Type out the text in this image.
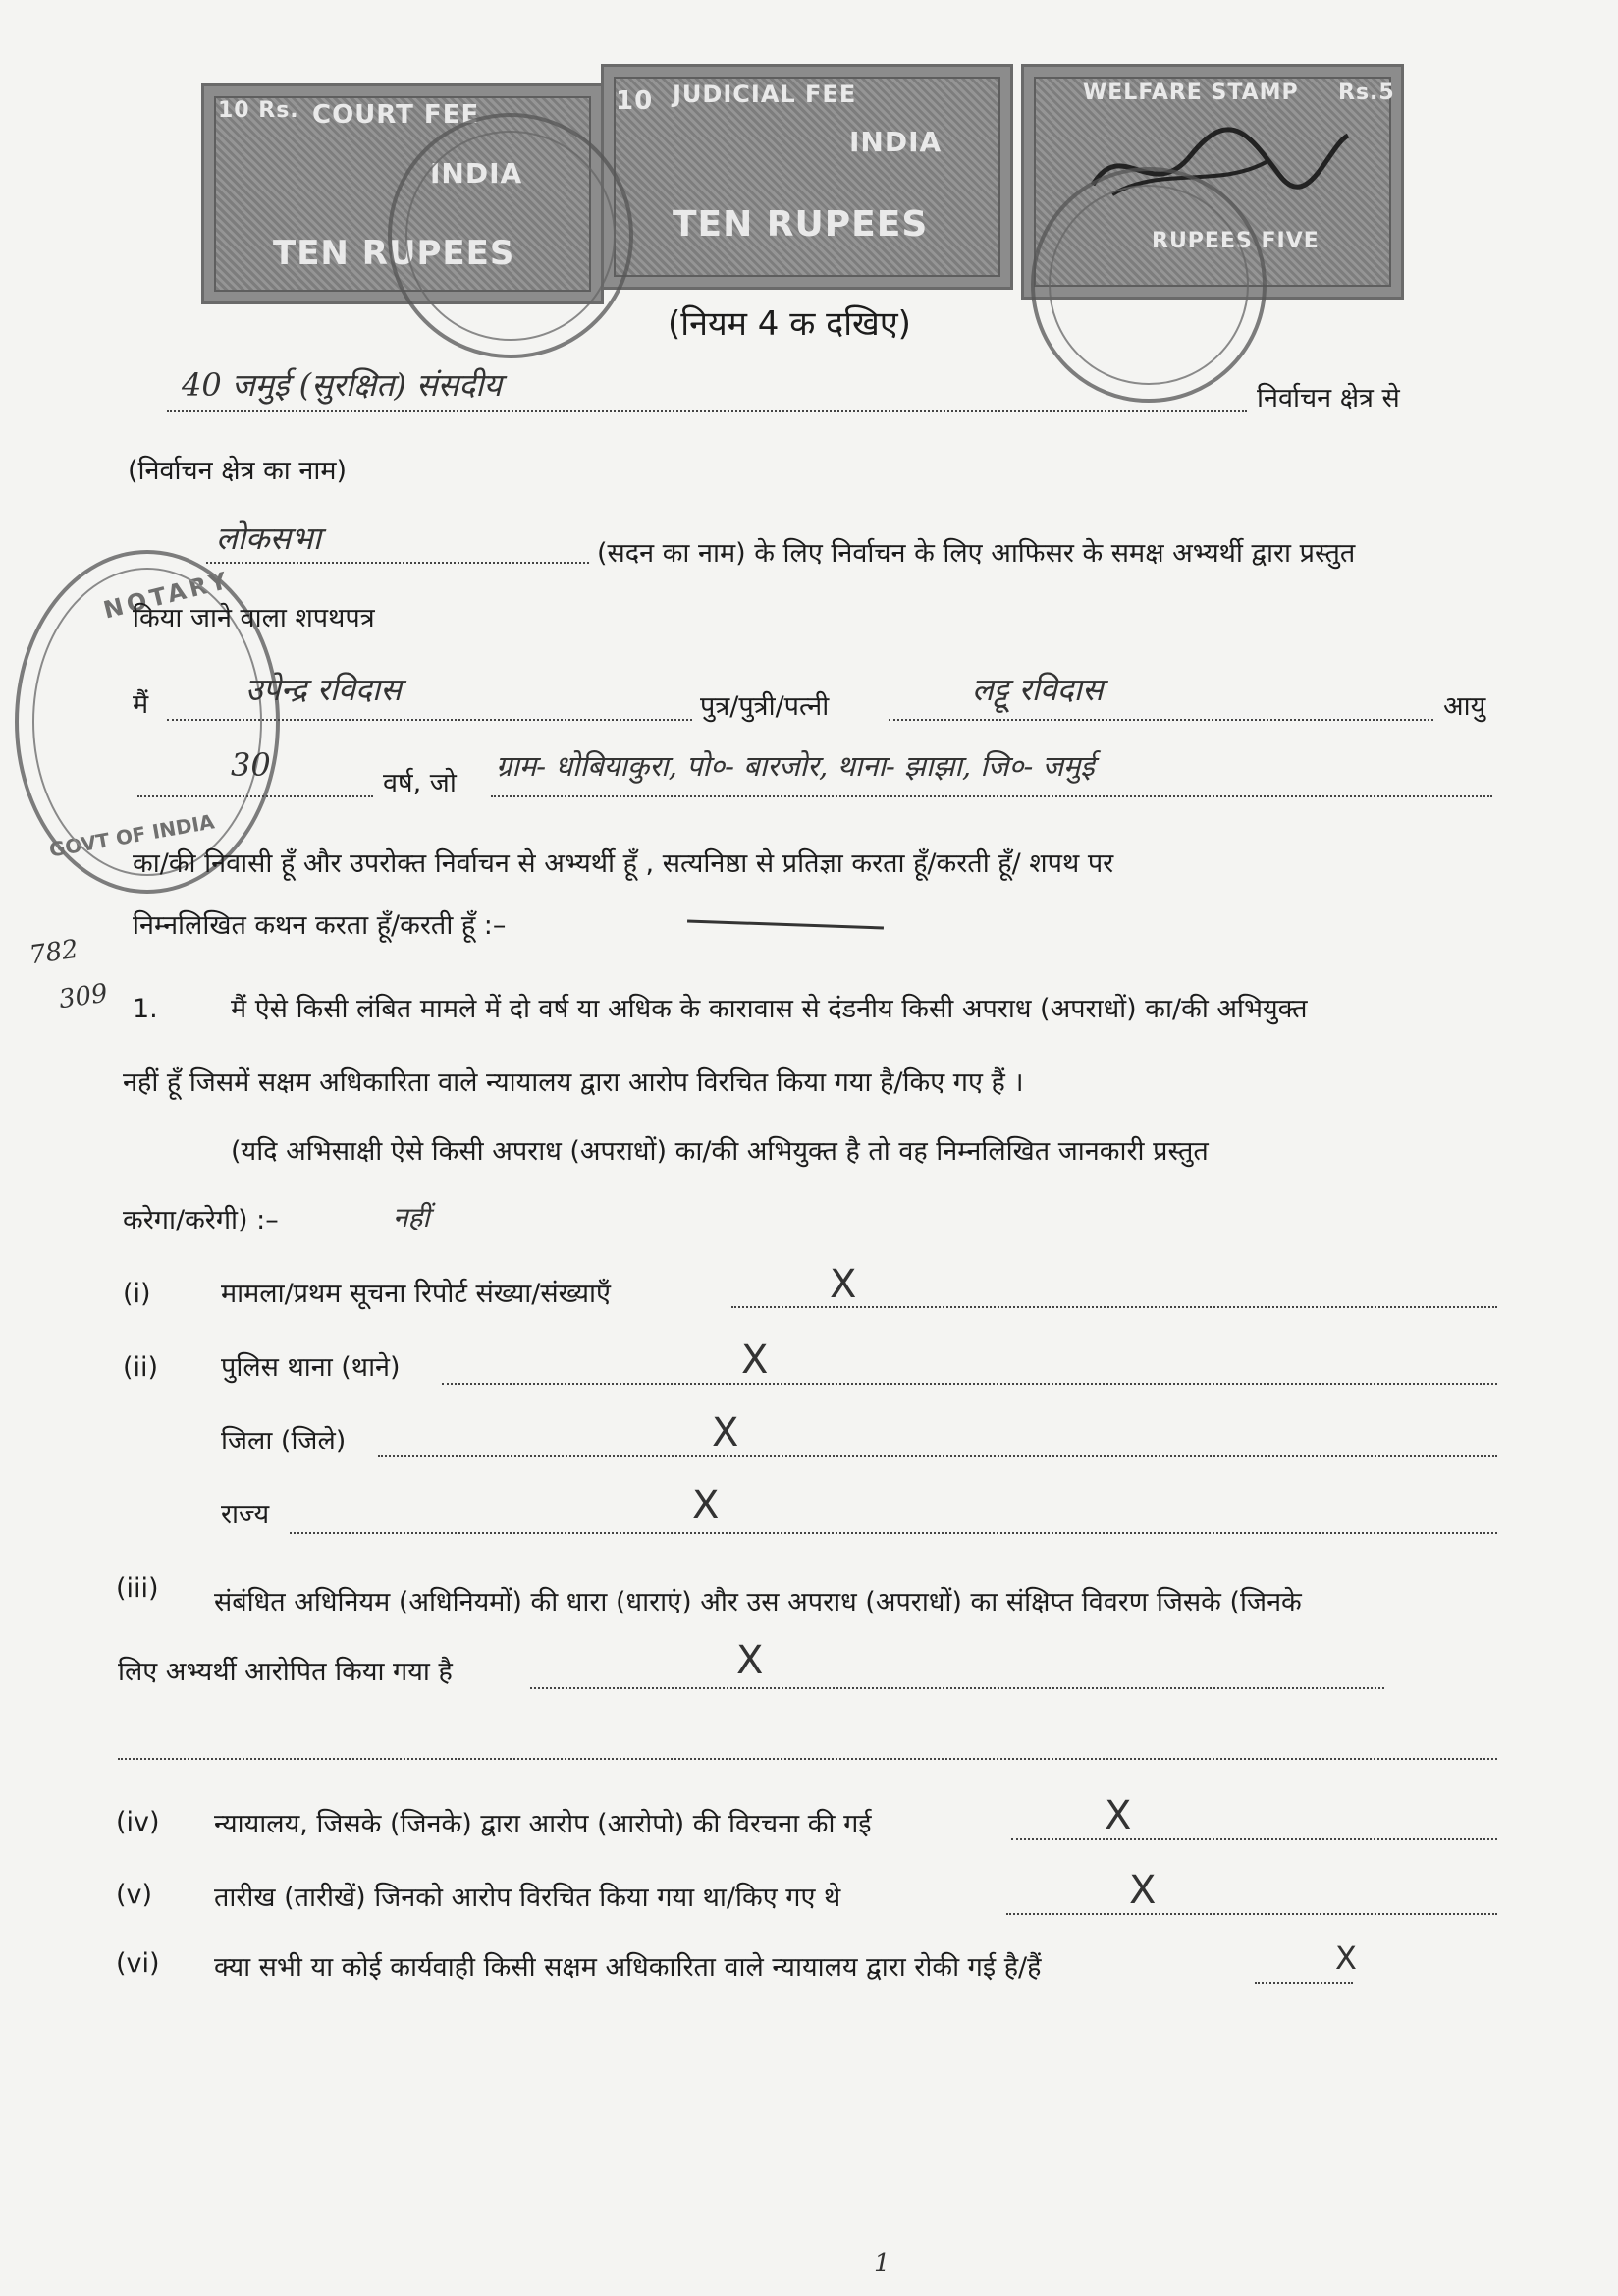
10 Rs. COURT FEE
INDIA
TEN RUPEES
10 JUDICIAL FEE
INDIA
TEN RUPEES
WELFARE STAMP Rs.5
RUPEES FIVE
NOTARY
GOVT OF INDIA
(नियम 4 क दखिए)
40 जमुई (सुरक्षित) संसदीय	निर्वाचन क्षेत्र से
(निर्वाचन क्षेत्र का नाम)
लोकसभा	(सदन का नाम) के लिए निर्वाचन के लिए आफिसर के समक्ष अभ्यर्थी द्वारा प्रस्तुत
किया जाने वाला शपथपत्र
मैं	उपेन्द्र रविदास	पुत्र/पुत्री/पत्नी	लट्टू रविदास	आयु
30	वर्ष, जो
ग्राम- धोबियाकुरा, पो०- बारजोर, थाना- झाझा, जि०- जमुई
का/की निवासी हूँ और उपरोक्त निर्वाचन से अभ्यर्थी हूँ , सत्यनिष्ठा से प्रतिज्ञा करता हूँ/करती हूँ/ शपथ पर
निम्नलिखित कथन करता हूँ/करती हूँ :–
782
309 1.	मैं ऐसे किसी लंबित मामले में दो वर्ष या अधिक के कारावास से दंडनीय किसी अपराध (अपराधों) का/की अभियुक्त
नहीं हूँ जिसमें सक्षम अधिकारिता वाले न्यायालय द्वारा आरोप विरचित किया गया है/किए गए हैं ।
(यदि अभिसाक्षी ऐसे किसी अपराध (अपराधों) का/की अभियुक्त है तो वह निम्नलिखित जानकारी प्रस्तुत
करेगा/करेगी) :–	नहीं
(i)	मामला/प्रथम सूचना रिपोर्ट संख्या/संख्याएँ	X
(ii) पुलिस थाना (थाने)	X
जिला (जिले)	X
राज्य	X
(iii) संबंधित अधिनियम (अधिनियमों) की धारा (धाराएं) और उस अपराध (अपराधों) का संक्षिप्त विवरण जिसके (जिनके
लिए अभ्यर्थी आरोपित किया गया है	X
(iv) न्यायालय, जिसके (जिनके) द्वारा आरोप (आरोपो) की विरचना की गई	X
(v) तारीख (तारीखें) जिनको आरोप विरचित किया गया था/किए गए थे	X
(vi) क्या सभी या कोई कार्यवाही किसी सक्षम अधिकारिता वाले न्यायालय द्वारा रोकी गई है/हैं	X
1
